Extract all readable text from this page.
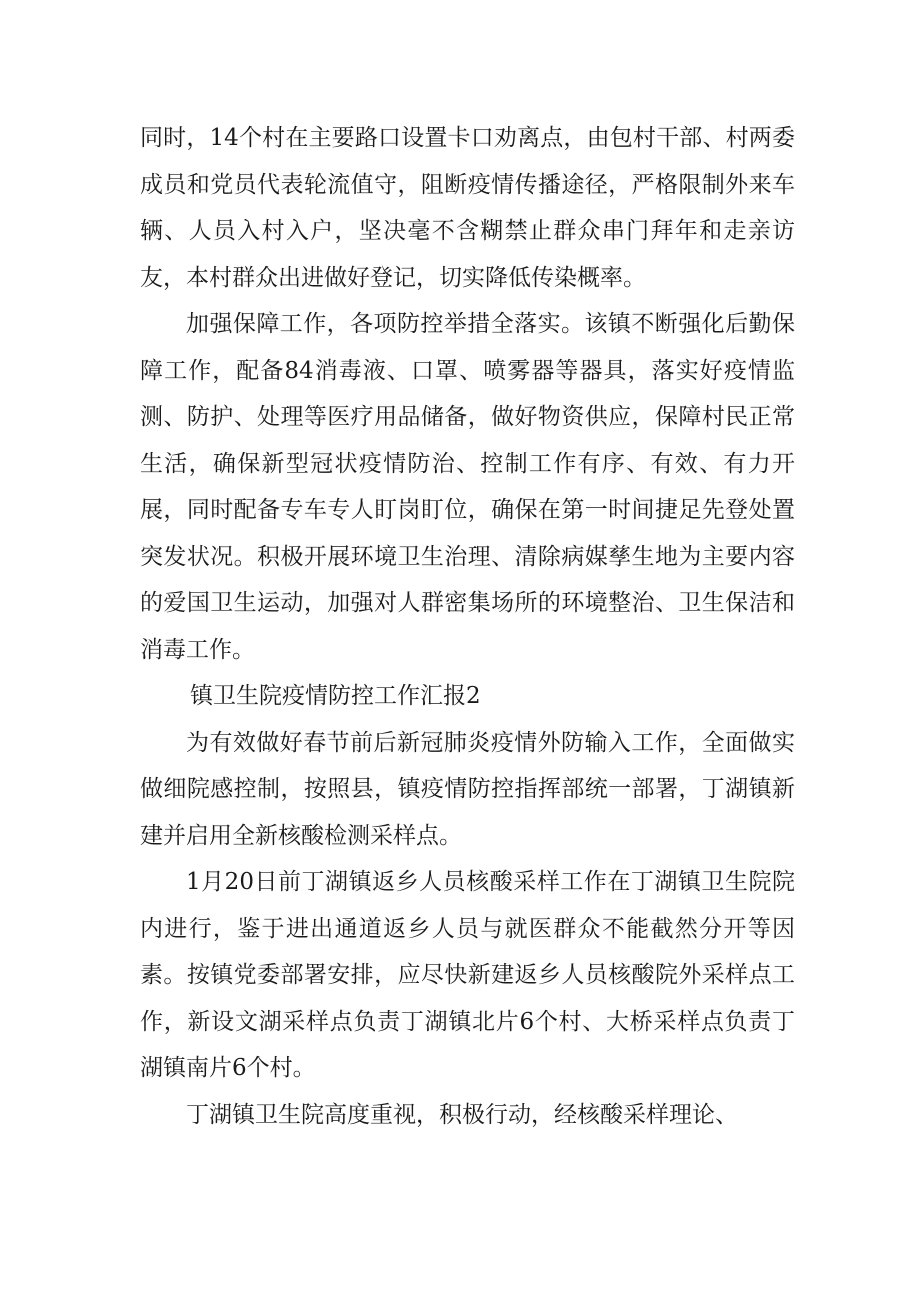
同时，14个村在主要路口设置卡口劝离点，由包村干部、村两委成员和党员代表轮流值守，阻断疫情传播途径，严格限制外来车辆、人员入村入户，坚决毫不含糊禁止群众串门拜年和走亲访友，本村群众出进做好登记，切实降低传染概率。

加强保障工作，各项防控举措全落实。该镇不断强化后勤保障工作，配备84消毒液、口罩、喷雾器等器具，落实好疫情监测、防护、处理等医疗用品储备，做好物资供应，保障村民正常生活，确保新型冠状疫情防治、控制工作有序、有效、有力开展，同时配备专车专人盯岗盯位，确保在第一时间捷足先登处置突发状况。积极开展环境卫生治理、清除病媒孳生地为主要内容的爱国卫生运动，加强对人群密集场所的环境整治、卫生保洁和消毒工作。

镇卫生院疫情防控工作汇报2

为有效做好春节前后新冠肺炎疫情外防输入工作，全面做实做细院感控制，按照县，镇疫情防控指挥部统一部署，丁湖镇新建并启用全新核酸检测采样点。

1月20日前丁湖镇返乡人员核酸采样工作在丁湖镇卫生院院内进行，鉴于进出通道返乡人员与就医群众不能截然分开等因素。按镇党委部署安排，应尽快新建返乡人员核酸院外采样点工作，新设文湖采样点负责丁湖镇北片6个村、大桥采样点负责丁湖镇南片6个村。

丁湖镇卫生院高度重视，积极行动，经核酸采样理论、
